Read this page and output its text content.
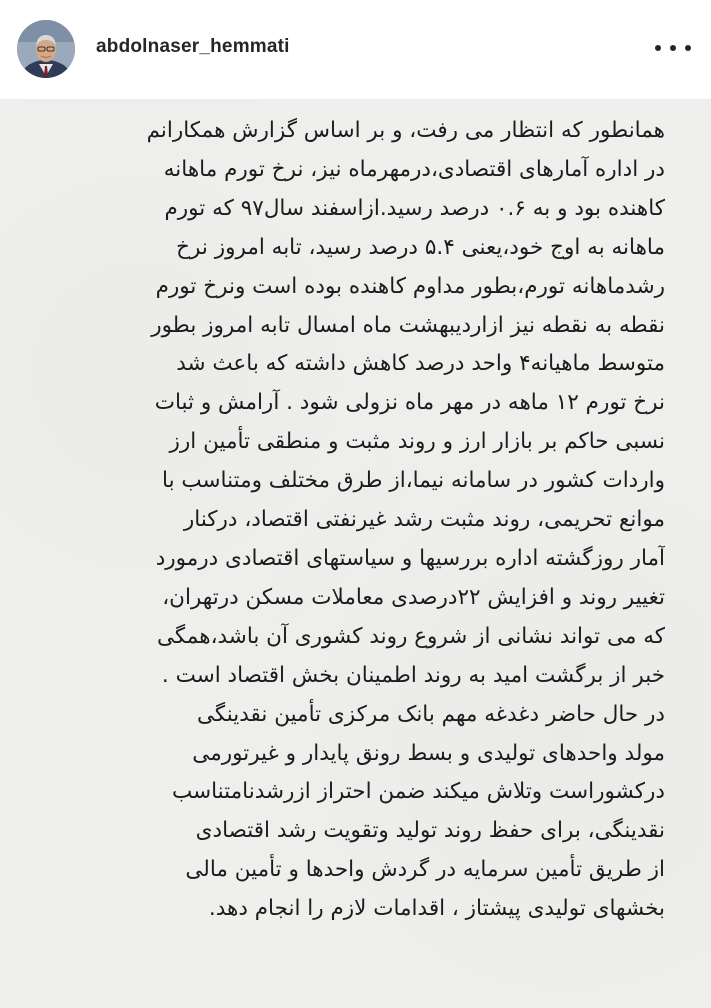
abdolnaser_hemmati
همانطور که انتظار می رفت، و بر اساس گزارش همکارانم
در اداره آمارهای اقتصادی،درمهرماه نیز، نرخ تورم ماهانه
کاهنده بود و به ۰.۶ درصد رسید.ازاسفند سال۹۷ که تورم
ماهانه به اوج خود،یعنی ۵.۴ درصد رسید، تابه امروز نرخ
رشدماهانه تورم،بطور مداوم کاهنده بوده است ونرخ تورم
نقطه به نقطه نیز ازاردیبهشت ماه امسال تابه امروز بطور
متوسط ماهیانه۴ واحد درصد کاهش داشته که باعث شد
نرخ تورم ۱۲ ماهه در مهر ماه نزولی شود . آرامش و ثبات
نسبی حاکم بر بازار ارز و روند مثبت و منطقی تأمین ارز
واردات کشور در سامانه نیما،از طرق مختلف ومتناسب با
موانع تحریمی، روند مثبت رشد غیرنفتی اقتصاد، درکنار
آمار روزگشته اداره بررسیها و سیاستهای اقتصادی درمورد
تغییر روند و افزایش ۲۲درصدی معاملات مسکن درتهران،
که می تواند نشانی از شروع روند کشوری آن باشد،همگی
خبر از برگشت امید به روند اطمینان بخش اقتصاد است .
در حال حاضر دغدغه مهم بانک مرکزی تأمین نقدینگی
مولد واحدهای تولیدی و بسط رونق پایدار و غیرتورمی
درکشوراست وتلاش میکند ضمن احتراز ازرشدنامتناسب
نقدینگی، برای حفظ روند تولید وتقویت رشد اقتصادی
از طریق تأمین سرمایه در گردش واحدها و تأمین مالی
بخشهای تولیدی پیشتاز ، اقدامات لازم را انجام دهد.
